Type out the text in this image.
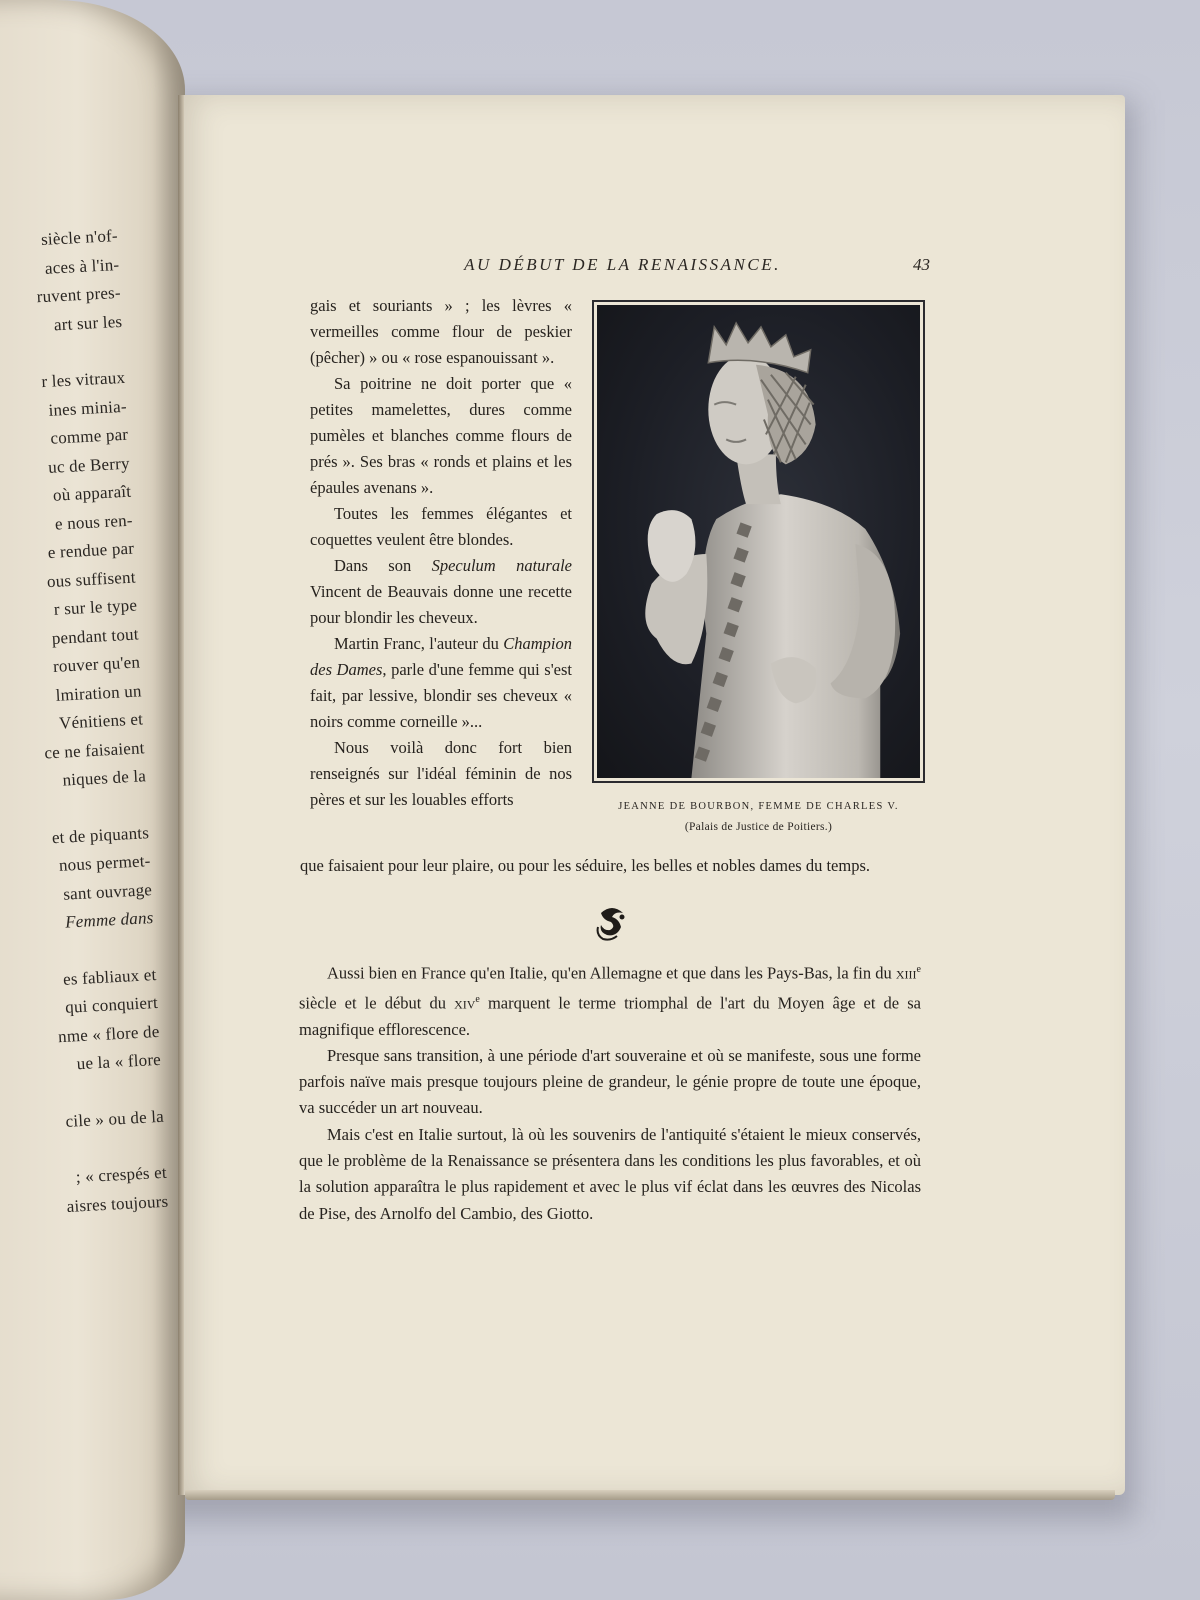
siècle n'of-
aces à l'in-
ruvent pres-
art sur les
r les vitraux
ines minia-
comme par
uc de Berry
où apparaît
e nous ren-
e rendue par
ous suffisent
r sur le type
pendant tout
rouver qu'en
lmiration un
Vénitiens et
ce ne faisaient
niques de la
et de piquants
nous permet-
sant ouvrage
Femme dans
es fabliaux et
qui conquiert
nme « flore de
ue la « flore
cile » ou de la
; « crespés et
aisres toujours
AU DÉBUT DE LA RENAISSANCE.	43

gais et souriants » ; les lèvres « vermeilles comme flour de peskier (pêcher) » ou « rose espanouissant ».

Sa poitrine ne doit porter que « petites mamelettes, dures comme pumèles et blanches comme flours de prés ». Ses bras « ronds et plains et les épaules avenans ».

Toutes les femmes élégantes et coquettes veulent être blondes.

Dans son Speculum naturale Vincent de Beauvais donne une recette pour blondir les cheveux.

Martin Franc, l'auteur du Champion des Dames, parle d'une femme qui s'est fait, par lessive, blondir ses cheveux « noirs comme corneille »...

Nous voilà donc fort bien renseignés sur l'idéal féminin de nos pères et sur les louables efforts	JEANNE DE BOURBON, FEMME DE CHARLES V.
(Palais de Justice de Poitiers.)

que faisaient pour leur plaire, ou pour les séduire, les belles et nobles dames du temps.

Aussi bien en France qu'en Italie, qu'en Allemagne et que dans les Pays-Bas, la fin du xiii$^e$ siècle et le début du xiv$^e$ marquent le terme triomphal de l'art du Moyen âge et de sa magnifique efflorescence.

Presque sans transition, à une période d'art souveraine et où se manifeste, sous une forme parfois naïve mais presque toujours pleine de grandeur, le génie propre de toute une époque, va succéder un art nouveau.

Mais c'est en Italie surtout, là où les souvenirs de l'antiquité s'étaient le mieux conservés, que le problème de la Renaissance se présentera dans les conditions les plus favorables, et où la solution apparaîtra le plus rapidement et avec le plus vif éclat dans les œuvres des Nicolas de Pise, des Arnolfo del Cambio, des Giotto.
